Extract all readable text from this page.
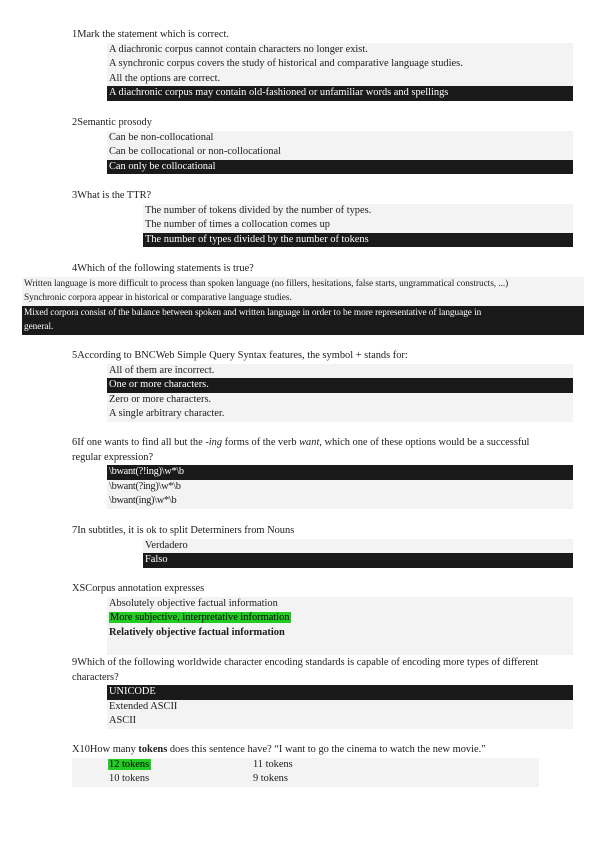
1Mark the statement which is correct.
A diachronic corpus cannot contain characters no longer exist.
A synchronic corpus covers the study of historical and comparative language studies.
All the options are correct.
A diachronic corpus may contain old-fashioned or unfamiliar words and spellings
2Semantic prosody
Can be non-collocational
Can be collocational or non-collocational
Can only be collocational
3What is the TTR?
The number of tokens divided by the number of types.
The number of times a collocation comes up
The number of types divided by the number of tokens
4Which of the following statements is true?
Written language is more difficult to process than spoken language (no fillers, hesitations, false starts, ungrammatical constructs, ...)
Synchronic corpora appear in historical or comparative language studies.
Mixed corpora consist of the balance between spoken and written language in order to be more representative of language in
general.
5According to BNCWeb Simple Query Syntax features, the symbol + stands for:
All of them are incorrect.
One or more characters.
Zero or more characters.
A single arbitrary character.
6If one wants to find all but the -ing forms of the verb want, which one of these options would be a successful
regular expression?
\bwant(?!ing)\w*\b
\bwant(?ing)\w*\b
\bwant(ing)\w*\b
7In subtitles, it is ok to split Determiners from Nouns
Verdadero
Falso
XSCorpus annotation expresses
Absolutely objective factual information
More subjective, interpretative information
Relatively objective factual information
9Which of the following worldwide character encoding standards is capable of encoding more types of different
characters?
UNICODE
Extended ASCII
ASCII
X10How many tokens does this sentence have? “I want to go the cinema to watch the new movie.”
12 tokens	11 tokens
10 tokens	9 tokens
